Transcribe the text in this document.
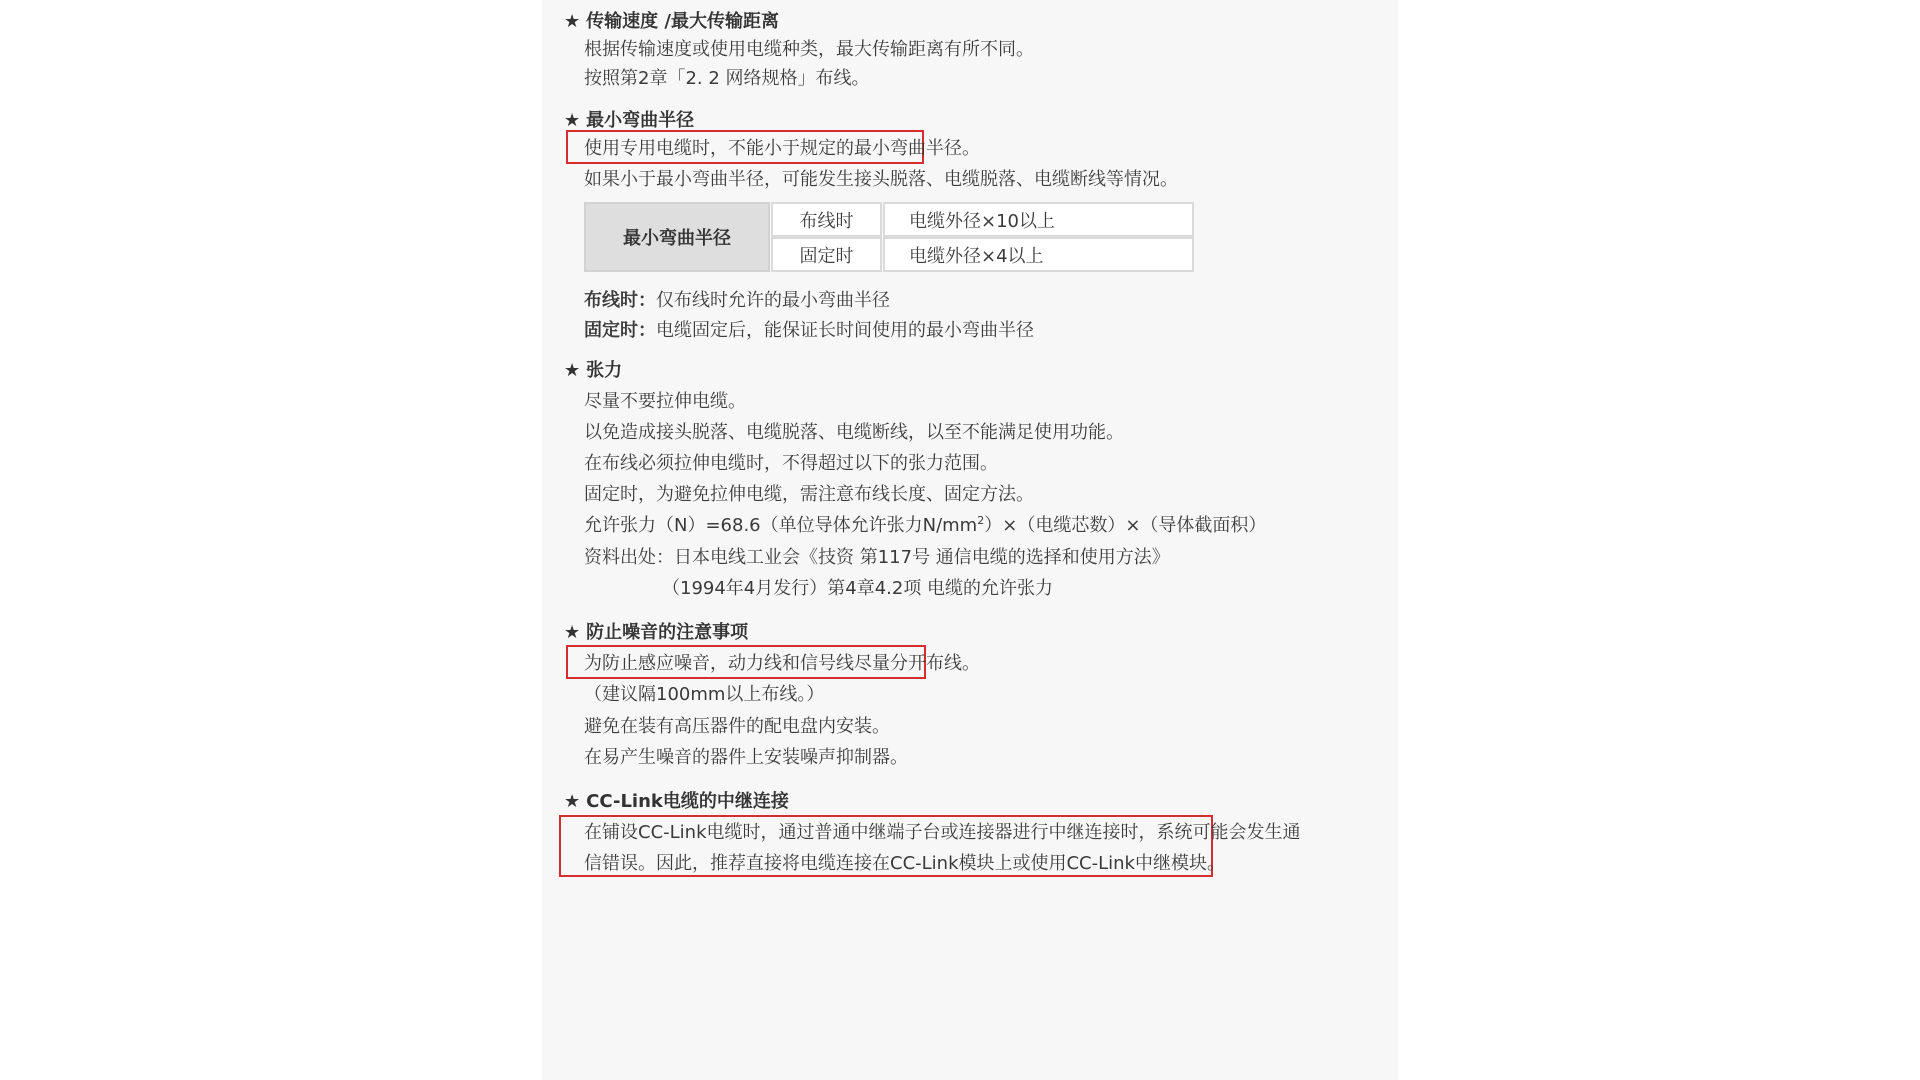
★ 传输速度 /最大传输距离
根据传输速度或使用电缆种类，最大传输距离有所不同。
按照第2章「2. 2 网络规格」布线。
★ 最小弯曲半径
使用专用电缆时，不能小于规定的最小弯曲半径。
如果小于最小弯曲半径，可能发生接头脱落、电缆脱落、电缆断线等情况。
最小弯曲半径
布线时	电缆外径×10以上
固定时	电缆外径×4以上
布线时：仅布线时允许的最小弯曲半径
固定时：电缆固定后，能保证长时间使用的最小弯曲半径
★ 张力
尽量不要拉伸电缆。
以免造成接头脱落、电缆脱落、电缆断线，以至不能满足使用功能。
在布线必须拉伸电缆时，不得超过以下的张力范围。
固定时，为避免拉伸电缆，需注意布线长度、固定方法。
允许张力（N）=68.6（单位导体允许张力$N/mm^2)\times$（电缆芯数）×（导体截面积）
资料出处：日本电线工业会《技资 第117号 通信电缆的选择和使用方法》
（1994年4月发行）第4章4.2项 电缆的允许张力
★ 防止噪音的注意事项
为防止感应噪音，动力线和信号线尽量分开布线。
（建议隔100mm以上布线。）
避免在装有高压器件的配电盘内安装。
在易产生噪音的器件上安装噪声抑制器。
★ CC-Link电缆的中继连接
在铺设CC-Link电缆时，通过普通中继端子台或连接器进行中继连接时，系统可能会发生通
信错误。因此，推荐直接将电缆连接在CC-Link模块上或使用CC-Link中继模块。
